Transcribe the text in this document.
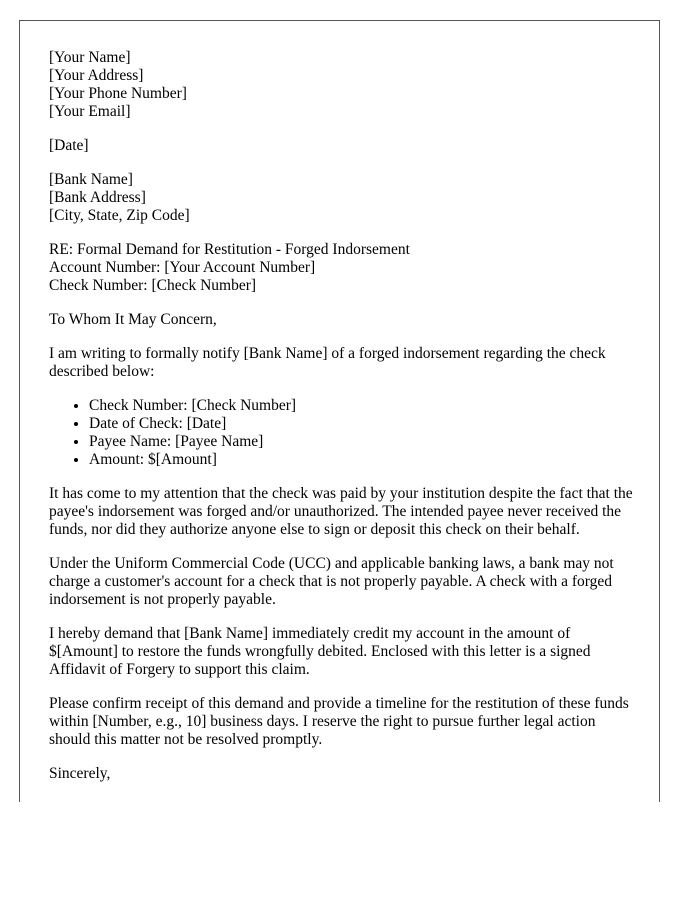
[Your Name]
[Your Address]
[Your Phone Number]
[Your Email]
[Date]
[Bank Name]
[Bank Address]
[City, State, Zip Code]
RE: Formal Demand for Restitution - Forged Indorsement
Account Number: [Your Account Number]
Check Number: [Check Number]

To Whom It May Concern,

I am writing to formally notify [Bank Name] of a forged indorsement regarding the check described below:

• Check Number: [Check Number]
• Date of Check: [Date]
• Payee Name: [Payee Name]
• Amount: $[Amount]

It has come to my attention that the check was paid by your institution despite the fact that the payee's indorsement was forged and/or unauthorized. The intended payee never received the funds, nor did they authorize anyone else to sign or deposit this check on their behalf.

Under the Uniform Commercial Code (UCC) and applicable banking laws, a bank may not charge a customer's account for a check that is not properly payable. A check with a forged indorsement is not properly payable.

I hereby demand that [Bank Name] immediately credit my account in the amount of $[Amount] to restore the funds wrongfully debited. Enclosed with this letter is a signed Affidavit of Forgery to support this claim.

Please confirm receipt of this demand and provide a timeline for the restitution of these funds within [Number, e.g., 10] business days. I reserve the right to pursue further legal action should this matter not be resolved promptly.

Sincerely,
